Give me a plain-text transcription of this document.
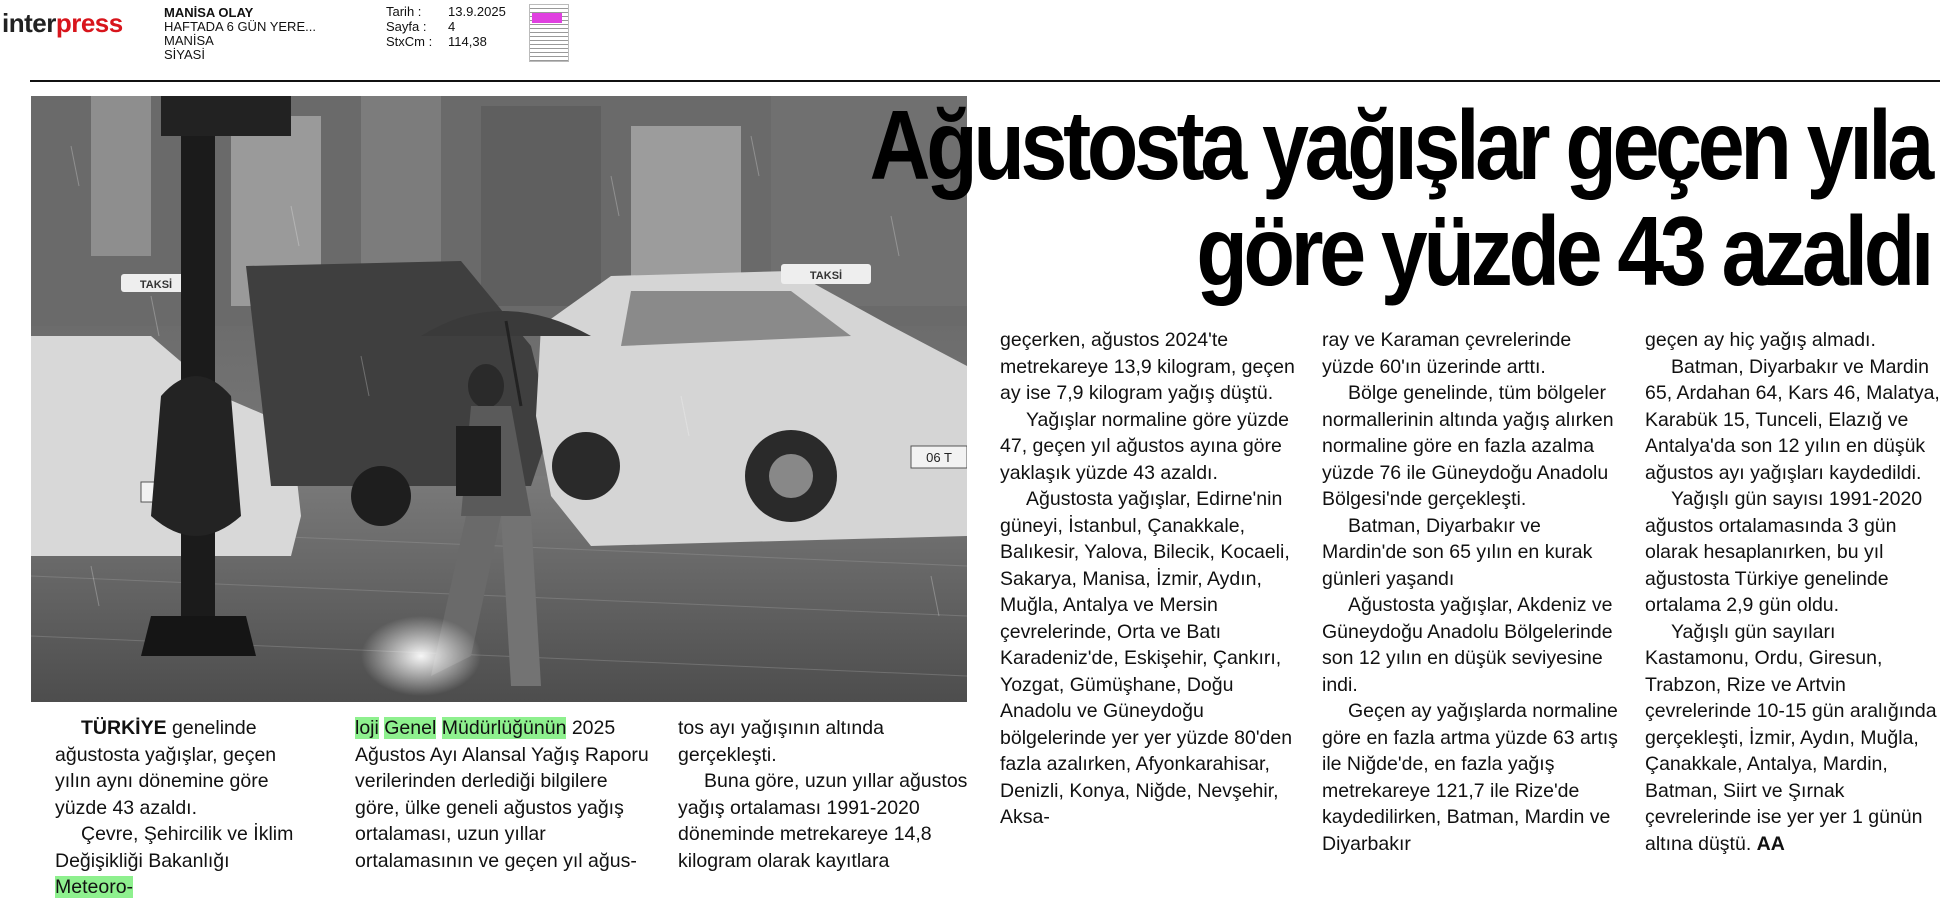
interpress	MANİSA OLAY
HAFTADA 6 GÜN YERE...
MANİSA
SİYASİ
Tarih :	13.9.2025
Sayfa :	4
StxCm :	114,38
TAKSİ
TAKSİ
06 T
Ağustosta yağışlar geçen yıla
göre yüzde 43 azaldı

TÜRKİYE genelinde ağustosta yağışlar, geçen yılın aynı dönemine göre yüzde 43 azaldı.

Çevre, Şehircilik ve İklim Değişikliği Bakanlığı Meteoro-

loji Genel Müdürlüğünün 2025 Ağustos Ayı Alansal Yağış Raporu verilerinden derlediği bilgilere göre, ülke geneli ağustos yağış ortalaması, uzun yıllar ortalamasının ve geçen yıl ağus-

tos ayı yağışının altında gerçekleşti.

Buna göre, uzun yıllar ağustos yağış ortalaması 1991-2020 döneminde metrekareye 14,8 kilogram olarak kayıtlara

geçerken, ağustos 2024'te metrekareye 13,9 kilogram, geçen ay ise 7,9 kilogram yağış düştü.

Yağışlar normaline göre yüzde 47, geçen yıl ağustos ayına göre yaklaşık yüzde 43 azaldı.

Ağustosta yağışlar, Edirne'nin güneyi, İstanbul, Çanakkale, Balıkesir, Yalova, Bilecik, Kocaeli, Sakarya, Manisa, İzmir, Aydın, Muğla, Antalya ve Mersin çevrelerinde, Orta ve Batı Karadeniz'de, Eskişehir, Çankırı, Yozgat, Gümüşhane, Doğu Anadolu ve Güneydoğu bölgelerinde yer yer yüzde 80'den fazla azalırken, Afyonkarahisar, Denizli, Konya, Niğde, Nevşehir, Aksa-

ray ve Karaman çevrelerinde yüzde 60'ın üzerinde arttı.

Bölge genelinde, tüm bölgeler normallerinin altında yağış alırken normaline göre en fazla azalma yüzde 76 ile Güneydoğu Anadolu Bölgesi'nde gerçekleşti.

Batman, Diyarbakır ve Mardin'de son 65 yılın en kurak günleri yaşandı

Ağustosta yağışlar, Akdeniz ve Güneydoğu Anadolu Bölgelerinde son 12 yılın en düşük seviyesine indi.

Geçen ay yağışlarda normaline göre en fazla artma yüzde 63 artış ile Niğde'de, en fazla yağış metrekareye 121,7 ile Rize'de kaydedilirken, Batman, Mardin ve Diyarbakır

geçen ay hiç yağış almadı.

Batman, Diyarbakır ve Mardin 65, Ardahan 64, Kars 46, Malatya, Karabük 15, Tunceli, Elazığ ve Antalya'da son 12 yılın en düşük ağustos ayı yağışları kaydedildi.

Yağışlı gün sayısı 1991-2020 ağustos ortalamasında 3 gün olarak hesaplanırken, bu yıl ağustosta Türkiye genelinde ortalama 2,9 gün oldu.

Yağışlı gün sayıları Kastamonu, Ordu, Giresun, Trabzon, Rize ve Artvin çevrelerinde 10-15 gün aralığında gerçekleşti, İzmir, Aydın, Muğla, Çanakkale, Antalya, Mardin, Batman, Siirt ve Şırnak çevrelerinde ise yer yer 1 günün altına düştü. AA
